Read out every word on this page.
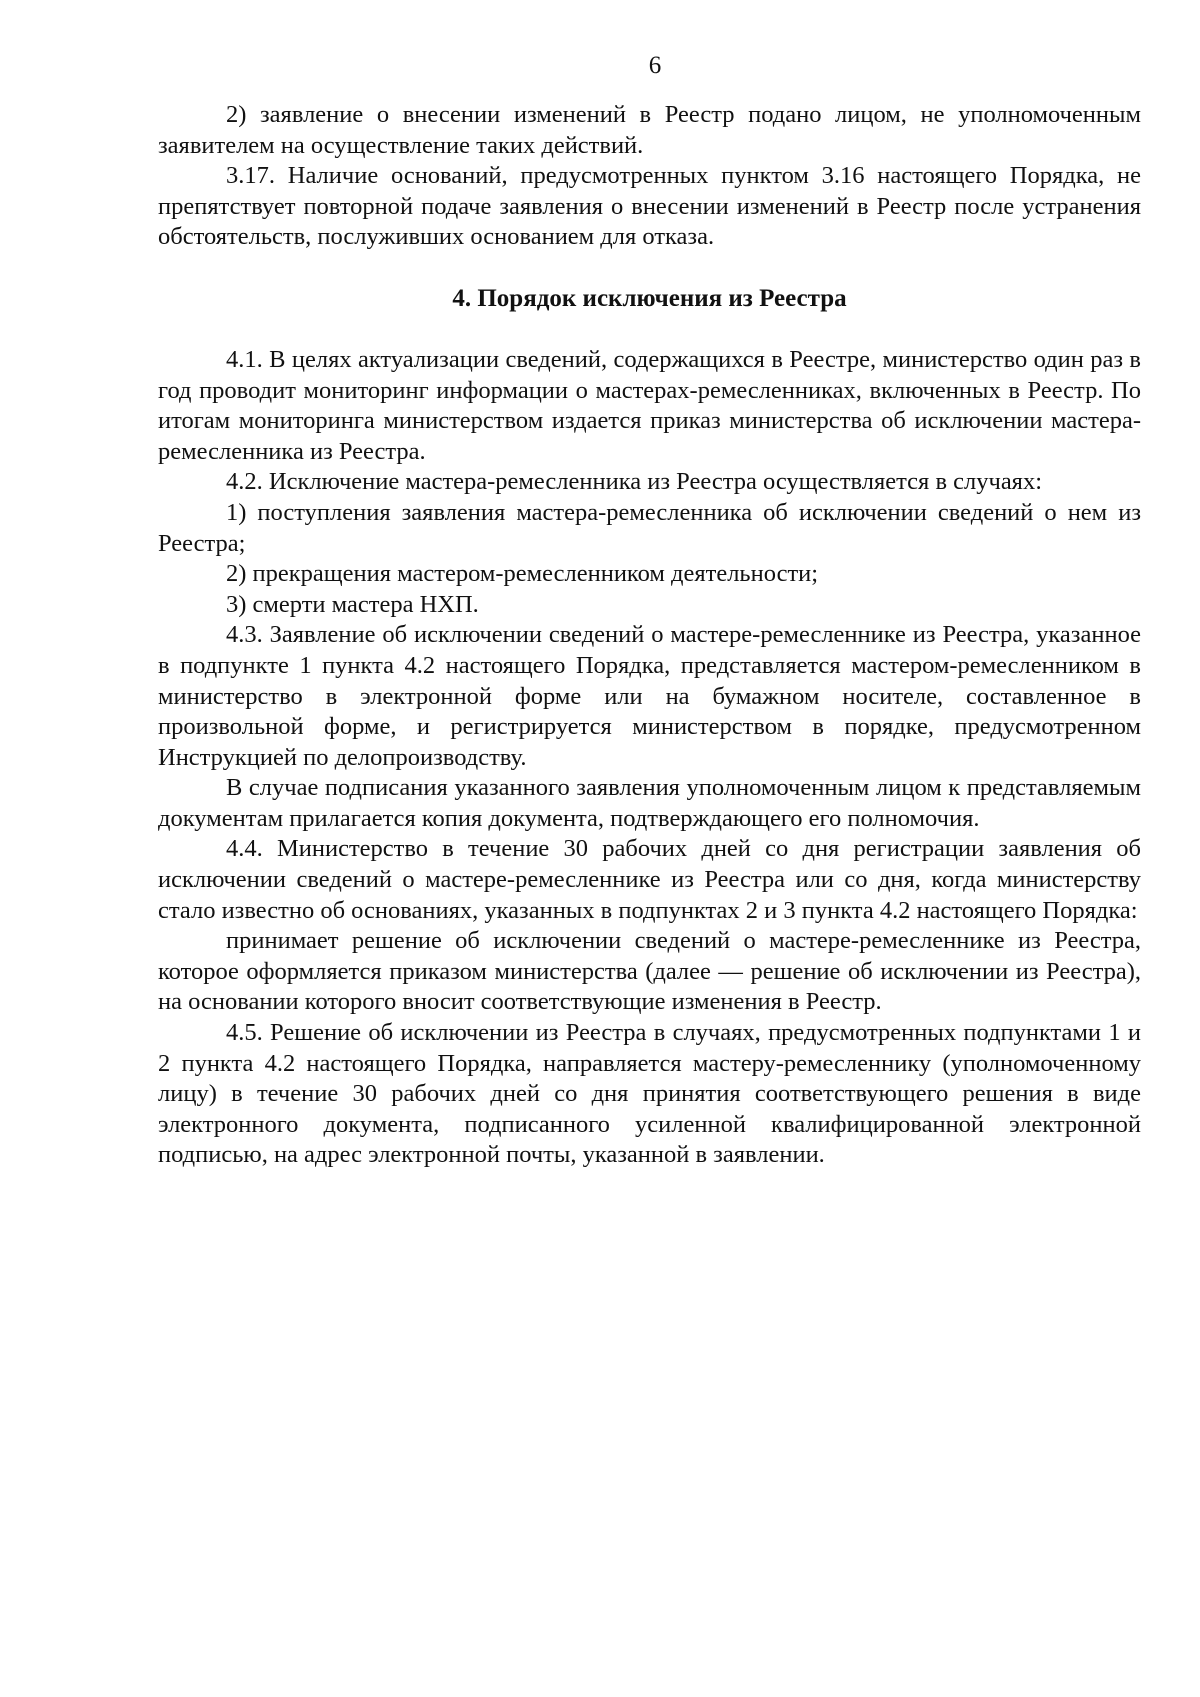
6

2) заявление о внесении изменений в Реестр подано лицом, не уполномоченным заявителем на осуществление таких действий.

3.17. Наличие оснований, предусмотренных пунктом 3.16 настоящего Порядка, не препятствует повторной подаче заявления о внесении изменений в Реестр после устранения обстоятельств, послуживших основанием для отказа.

4. Порядок исключения из Реестра

4.1. В целях актуализации сведений, содержащихся в Реестре, министерство один раз в год проводит мониторинг информации о мастерах-ремесленниках, включенных в Реестр. По итогам мониторинга министерством издается приказ министерства об исключении мастера-ремесленника из Реестра.

4.2. Исключение мастера-ремесленника из Реестра осуществляется в случаях:

1) поступления заявления мастера-ремесленника об исключении сведений о нем из Реестра;

2) прекращения мастером-ремесленником деятельности;

3) смерти мастера НХП.

4.3. Заявление об исключении сведений о мастере-ремесленнике из Реестра, указанное в подпункте 1 пункта 4.2 настоящего Порядка, представляется мастером-ремесленником в министерство в электронной форме или на бумажном носителе, составленное в произвольной форме, и регистрируется министерством в порядке, предусмотренном Инструкцией по делопроизводству.

В случае подписания указанного заявления уполномоченным лицом к представляемым документам прилагается копия документа, подтверждающего его полномочия.

4.4. Министерство в течение 30 рабочих дней со дня регистрации заявления об исключении сведений о мастере-ремесленнике из Реестра или со дня, когда министерству стало известно об основаниях, указанных в подпунктах 2 и 3 пункта 4.2 настоящего Порядка:

принимает решение об исключении сведений о мастере-ремесленнике из Реестра, которое оформляется приказом министерства (далее — решение об исключении из Реестра), на основании которого вносит соответствующие изменения в Реестр.

4.5. Решение об исключении из Реестра в случаях, предусмотренных подпунктами 1 и 2 пункта 4.2 настоящего Порядка, направляется мастеру-ремесленнику (уполномоченному лицу) в течение 30 рабочих дней со дня принятия соответствующего решения в виде электронного документа, подписанного усиленной квалифицированной электронной подписью, на адрес электронной почты, указанной в заявлении.
